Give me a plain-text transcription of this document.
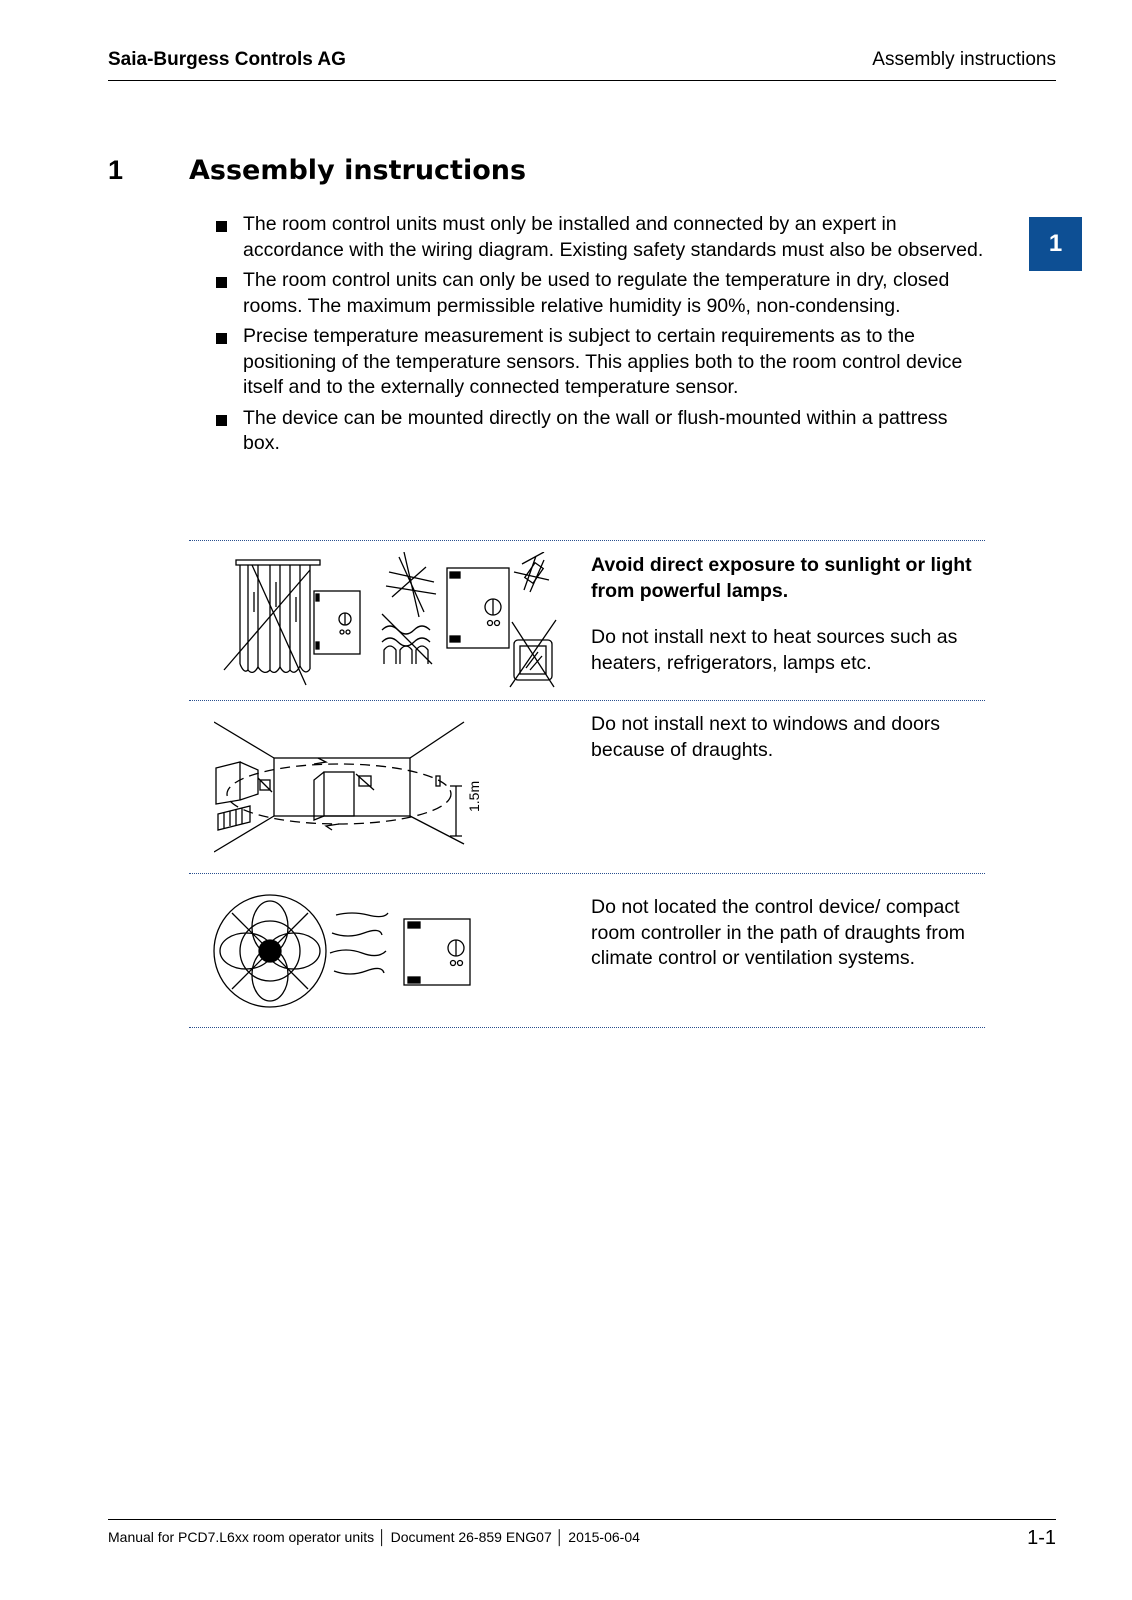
Saia-Burgess Controls AG	Assembly instructions
1 Assembly instructions
1
The room control units must only be installed and connected by an expert in accordance with the wiring diagram. Existing safety standards must also be observed.
The room control units can only be used to regulate the temperature in dry, closed rooms. The maximum permissible relative humidity is 90%, non-condensing.
Precise temperature measurement is subject to certain requirements as to the positioning of the temperature sensors. This applies both to the room control device itself and to the externally connected temperature sensor.
The device can be mounted directly on the wall or flush-mounted within a pattress box.
1.5m

Avoid direct exposure to sunlight or light from powerful lamps.

Do not install next to heat sources such as heaters, refrigerators, lamps etc.

Do not install next to windows and doors because of draughts.

Do not located the control device/ compact room controller in the path of draughts from climate control or ventilation systems.

Manual for PCD7.L6xx room operator units │ Document 26-859 ENG07 │ 2015-06-04	1-1
